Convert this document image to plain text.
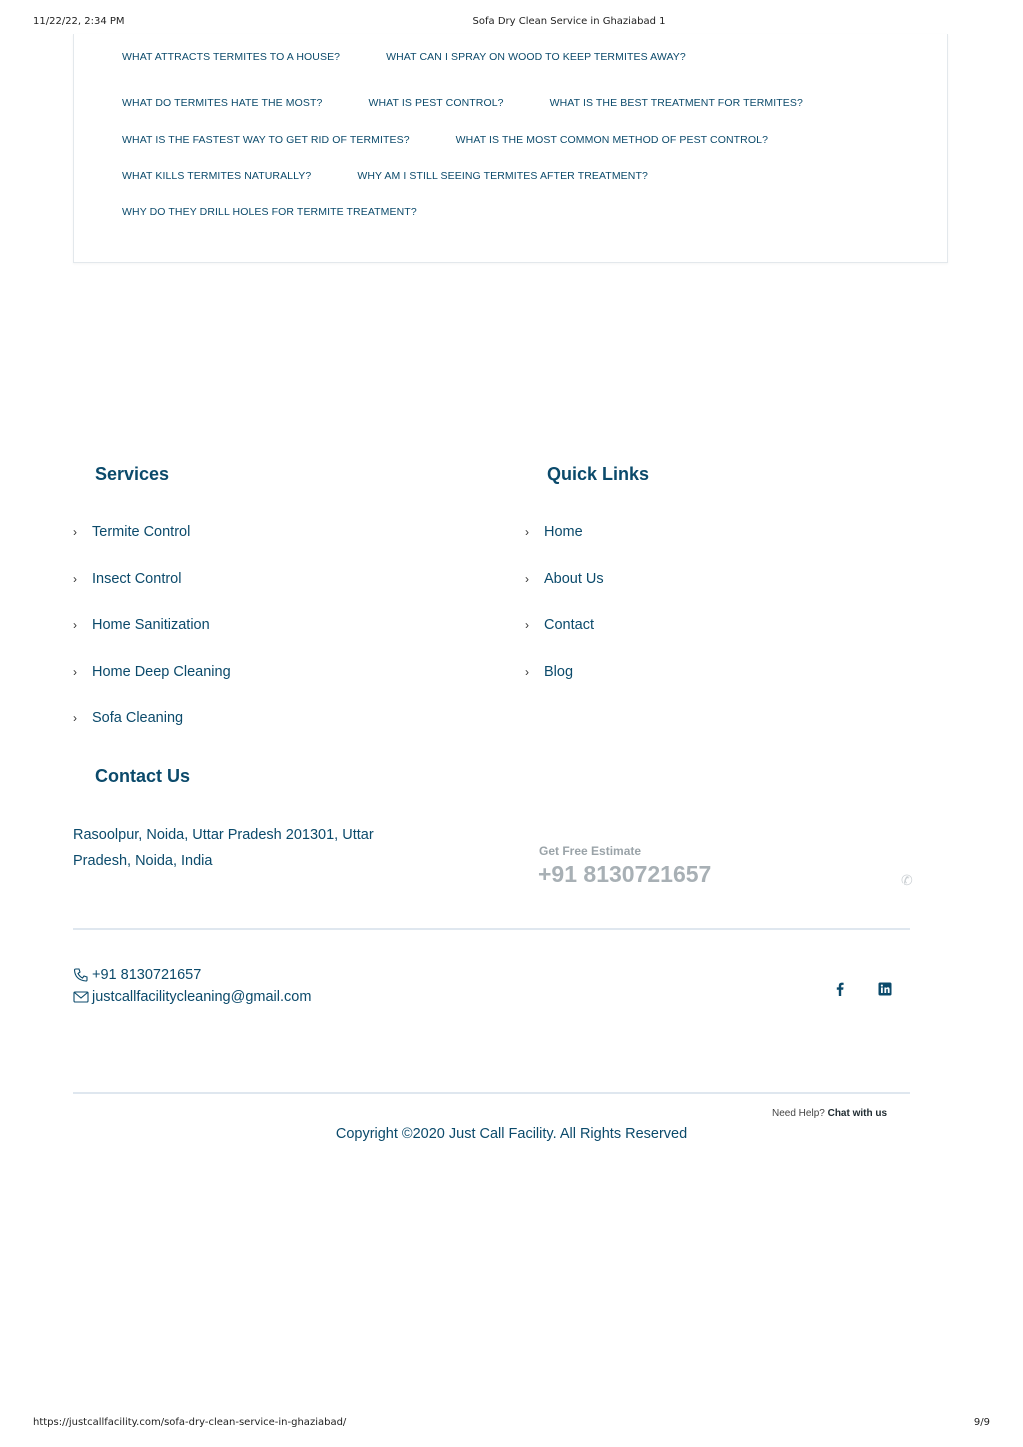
11/22/22, 2:34 PM	Sofa Dry Clean Service in Ghaziabad 1
WHAT ATTRACTS TERMITES TO A HOUSE?	WHAT CAN I SPRAY ON WOOD TO KEEP TERMITES AWAY?
WHAT DO TERMITES HATE THE MOST?	WHAT IS PEST CONTROL?	WHAT IS THE BEST TREATMENT FOR TERMITES?
WHAT IS THE FASTEST WAY TO GET RID OF TERMITES?	WHAT IS THE MOST COMMON METHOD OF PEST CONTROL?
WHAT KILLS TERMITES NATURALLY?	WHY AM I STILL SEEING TERMITES AFTER TREATMENT?
WHY DO THEY DRILL HOLES FOR TERMITE TREATMENT?
Services
›	Termite Control
›	Insect Control
›	Home Sanitization
›	Home Deep Cleaning
›	Sofa Cleaning
Quick Links
›	Home
›	About Us
›	Contact
›	Blog
Contact Us
Rasoolpur, Noida, Uttar Pradesh 201301, Uttar Pradesh, Noida, India
Get Free Estimate
+91 8130721657	✆
+91 8130721657
justcallfacilitycleaning@gmail.com
Need Help? Chat with us
Copyright ©2020 Just Call Facility. All Rights Reserved
https://justcallfacility.com/sofa-dry-clean-service-in-ghaziabad/	9/9
